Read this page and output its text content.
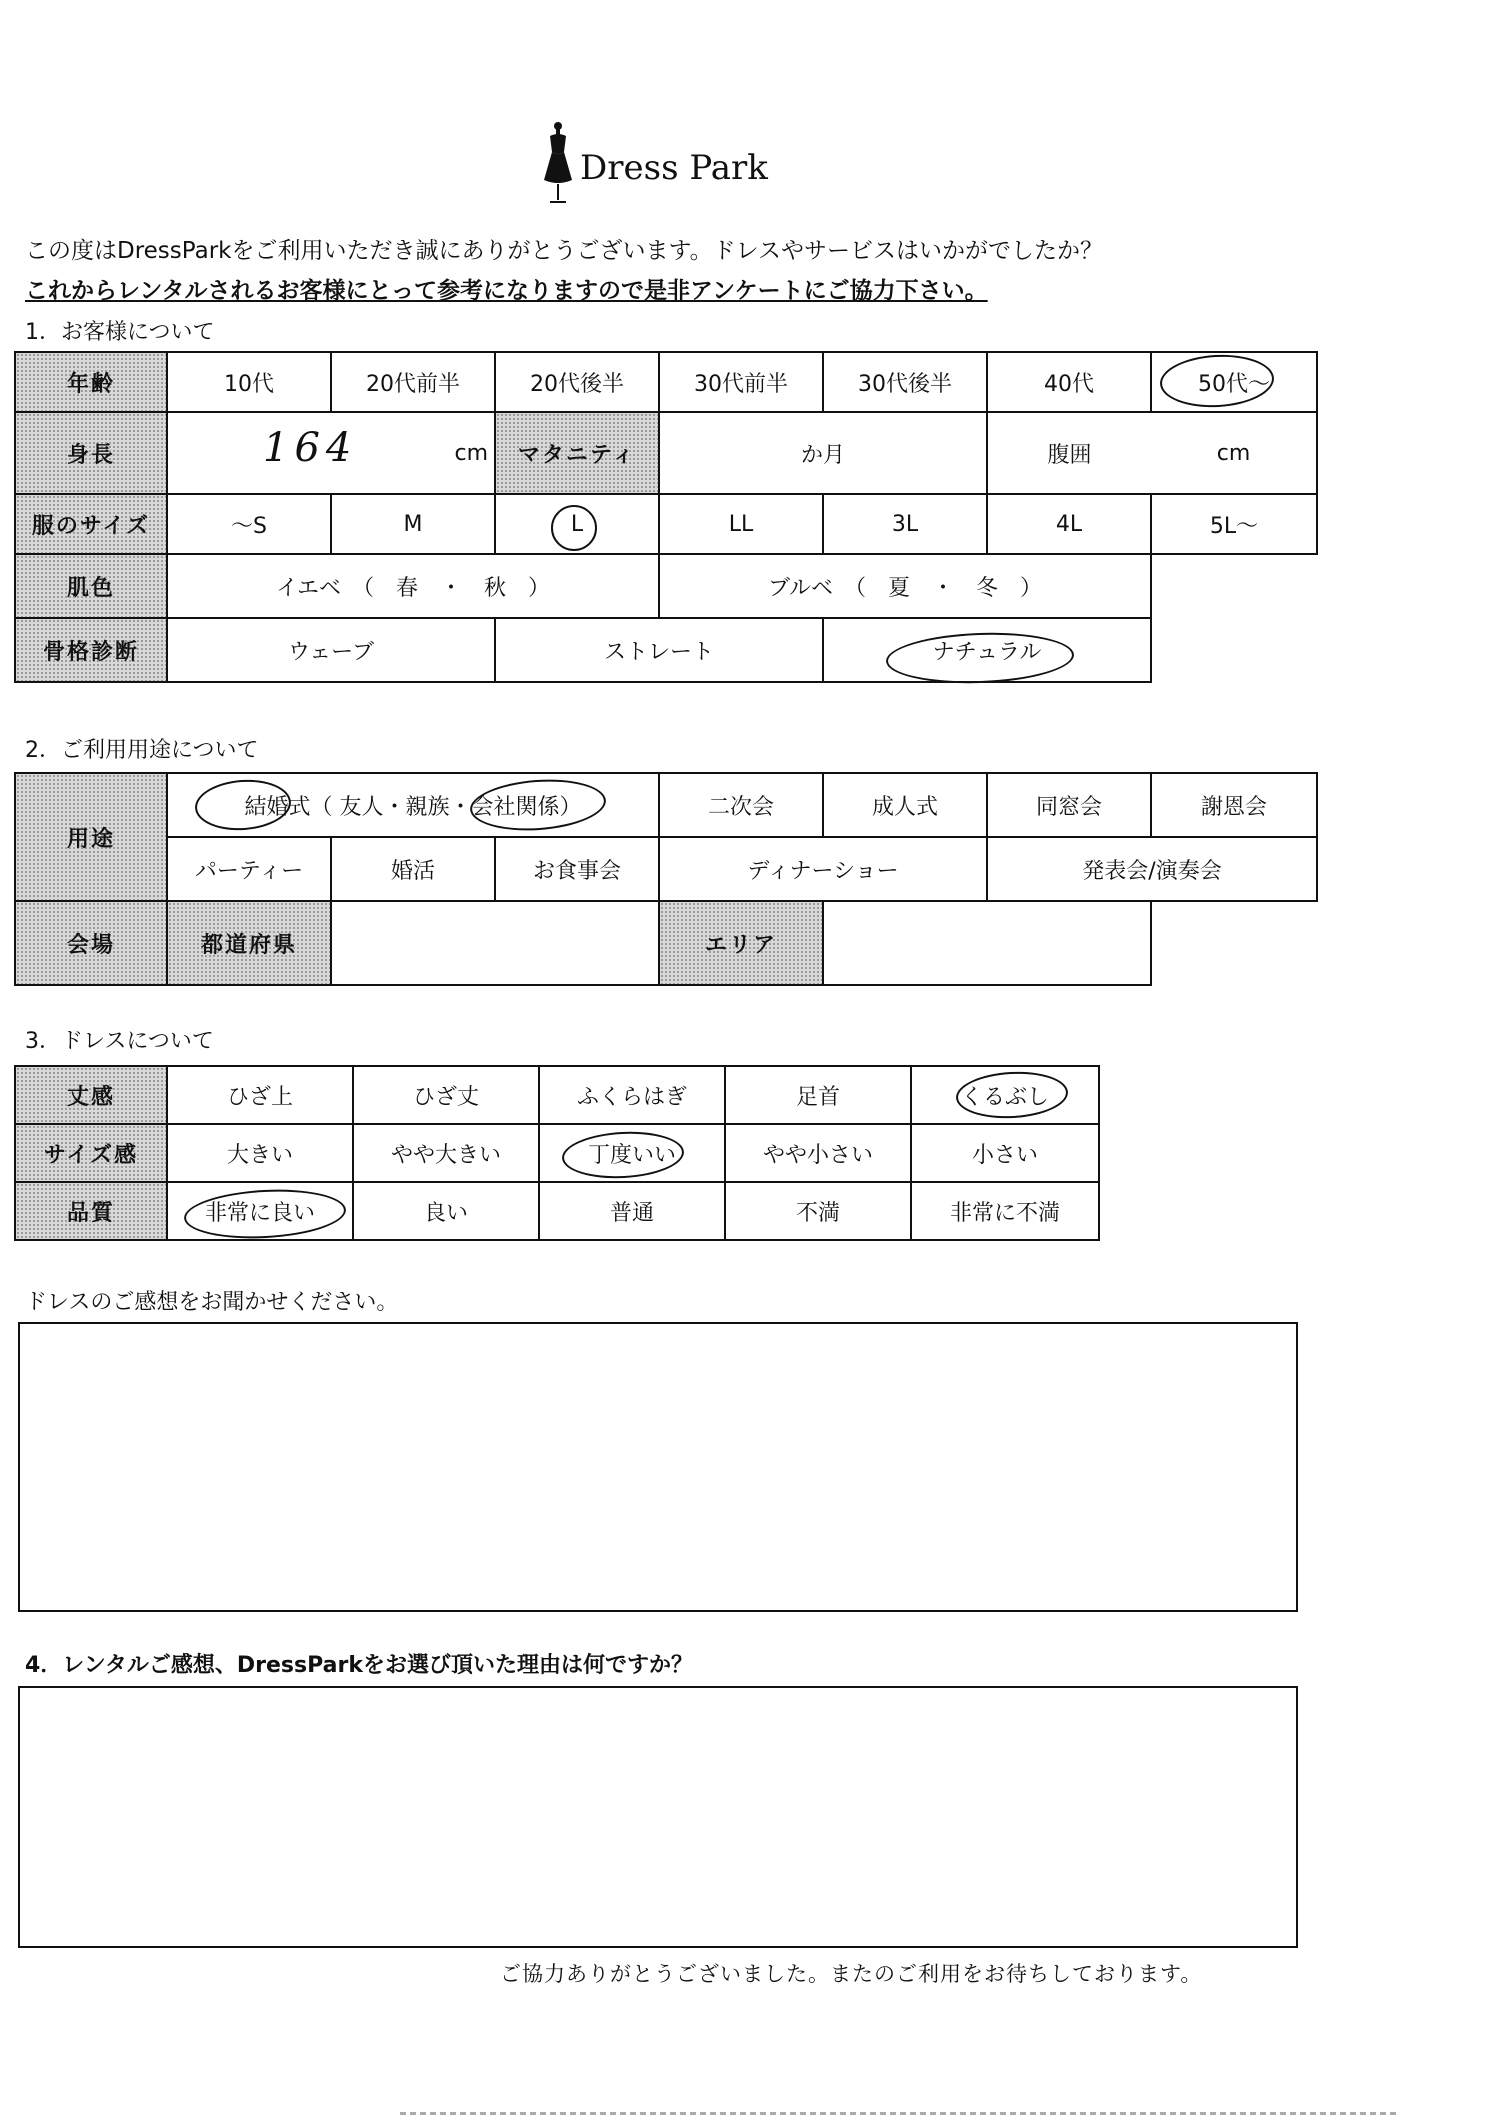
Dress Park
この度はDressParkをご利用いただき誠にありがとうございます。ドレスやサービスはいかがでしたか？
これからレンタルされるお客様にとって参考になりますので是非アンケートにご協力下さい。
1．お客様について
年齢	10代	20代前半	20代後半	30代前半	30代後半	40代	50代～
身長	164 cm		マタニティ	か月		腹囲	cm
服のサイズ	～S	M	L	LL	3L	4L	5L～
肌色	イエベ　（　春　・　秋　）			ブルベ　（　夏　・　冬　）			
骨格診断	ウェーブ		ストレート		ナチュラル		
2．ご利用用途について
用途	結婚式（ 友人・親族・会社関係）			二次会	成人式	同窓会	謝恩会
	パーティー	婚活	お食事会	ディナーショー		発表会/演奏会	
会場	都道府県			エリア			
3．ドレスについて
丈感	ひざ上	ひざ丈	ふくらはぎ	足首	くるぶし
サイズ感	大きい	やや大きい	丁度いい	やや小さい	小さい
品質	非常に良い	良い	普通	不満	非常に不満
ドレスのご感想をお聞かせください。
4．レンタルご感想、DressParkをお選び頂いた理由は何ですか？
ご協力ありがとうございました。またのご利用をお待ちしております。
